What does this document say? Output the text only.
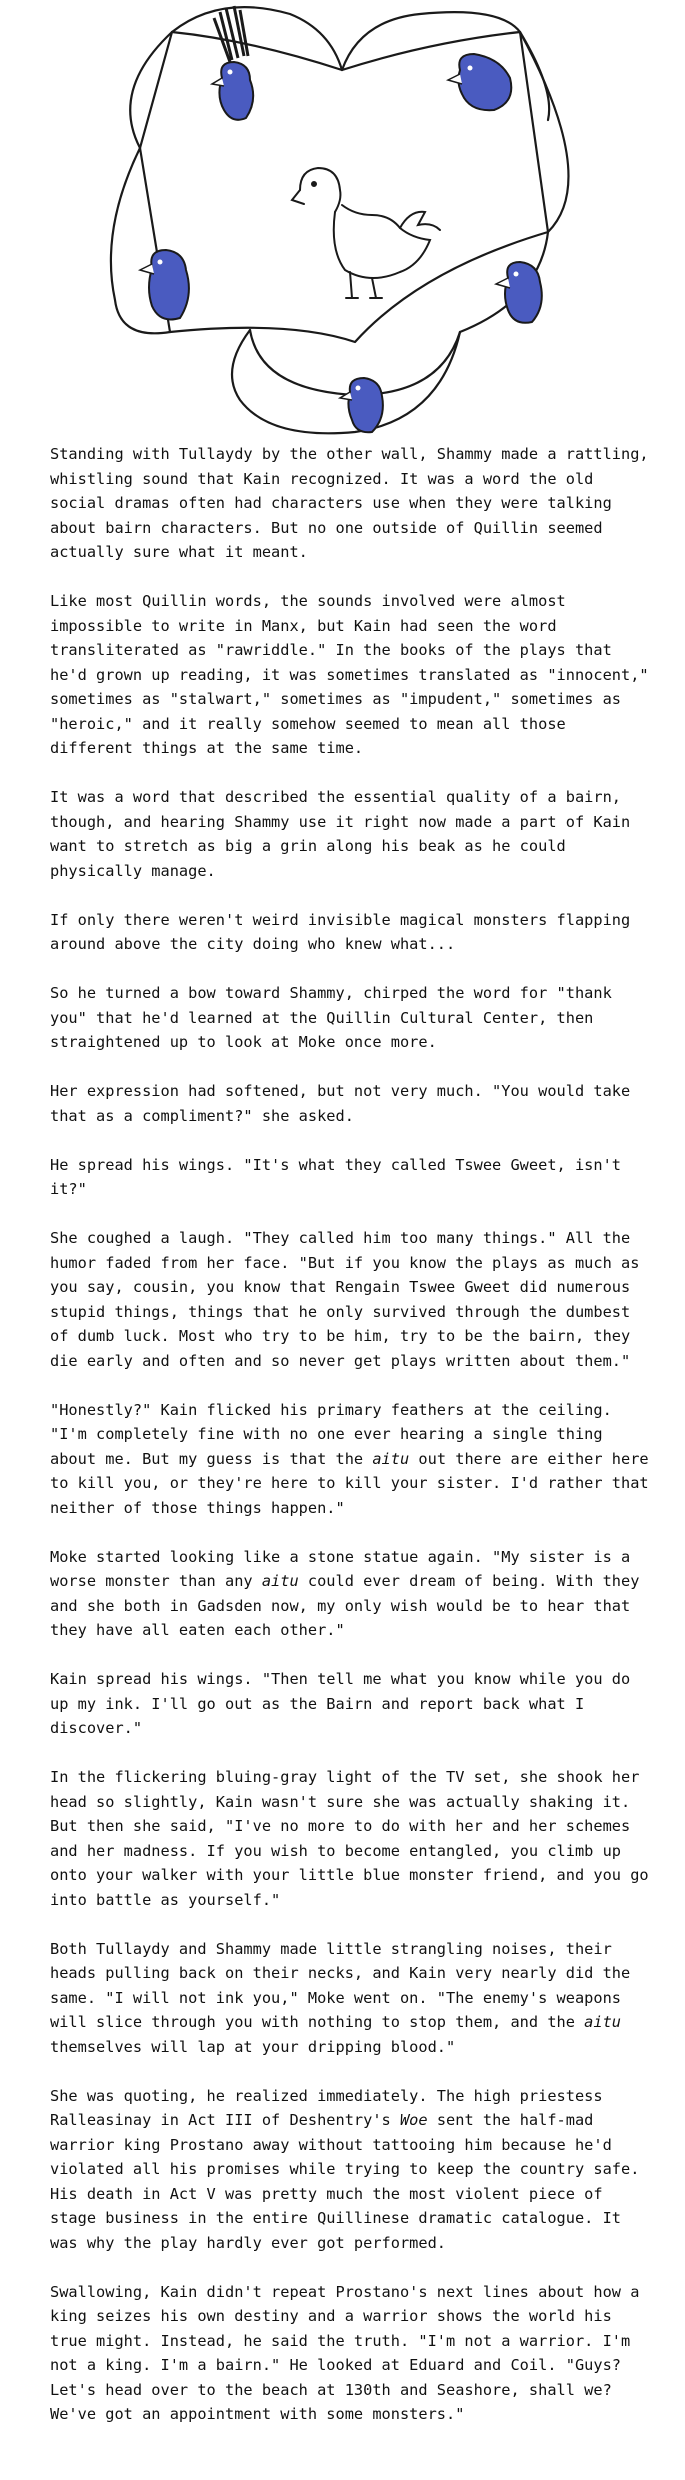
Standing with Tullaydy by the other wall, Shammy made a rattling, whistling sound that Kain recognized. It was a word the old social dramas often had characters use when they were talking about bairn characters. But no one outside of Quillin seemed actually sure what it meant.

Like most Quillin words, the sounds involved were almost impossible to write in Manx, but Kain had seen the word transliterated as "rawriddle." In the books of the plays that he'd grown up reading, it was sometimes translated as "innocent," sometimes as "stalwart," sometimes as "impudent," sometimes as "heroic," and it really somehow seemed to mean all those different things at the same time.

It was a word that described the essential quality of a bairn, though, and hearing Shammy use it right now made a part of Kain want to stretch as big a grin along his beak as he could physically manage.

If only there weren't weird invisible magical monsters flapping around above the city doing who knew what...

So he turned a bow toward Shammy, chirped the word for "thank you" that he'd learned at the Quillin Cultural Center, then straightened up to look at Moke once more.

Her expression had softened, but not very much. "You would take that as a compliment?" she asked.

He spread his wings. "It's what they called Tswee Gweet, isn't it?"

She coughed a laugh. "They called him too many things." All the humor faded from her face. "But if you know the plays as much as you say, cousin, you know that Rengain Tswee Gweet did numerous stupid things, things that he only survived through the dumbest of dumb luck. Most who try to be him, try to be the bairn, they die early and often and so never get plays written about them."

"Honestly?" Kain flicked his primary feathers at the ceiling. "I'm completely fine with no one ever hearing a single thing about me. But my guess is that the aitu out there are either here to kill you, or they're here to kill your sister. I'd rather that neither of those things happen."

Moke started looking like a stone statue again. "My sister is a worse monster than any aitu could ever dream of being. With they and she both in Gadsden now, my only wish would be to hear that they have all eaten each other."

Kain spread his wings. "Then tell me what you know while you do up my ink. I'll go out as the Bairn and report back what I discover."

In the flickering bluing-gray light of the TV set, she shook her head so slightly, Kain wasn't sure she was actually shaking it. But then she said, "I've no more to do with her and her schemes and her madness. If you wish to become entangled, you climb up onto your walker with your little blue monster friend, and you go into battle as yourself."

Both Tullaydy and Shammy made little strangling noises, their heads pulling back on their necks, and Kain very nearly did the same. "I will not ink you," Moke went on. "The enemy's weapons will slice through you with nothing to stop them, and the aitu themselves will lap at your dripping blood."

She was quoting, he realized immediately. The high priestess Ralleasinay in Act III of Deshentry's Woe sent the half-mad warrior king Prostano away without tattooing him because he'd violated all his promises while trying to keep the country safe. His death in Act V was pretty much the most violent piece of stage business in the entire Quillinese dramatic catalogue. It was why the play hardly ever got performed.

Swallowing, Kain didn't repeat Prostano's next lines about how a king seizes his own destiny and a warrior shows the world his true might. Instead, he said the truth. "I'm not a warrior. I'm not a king. I'm a bairn." He looked at Eduard and Coil. "Guys? Let's head over to the beach at 130th and Seashore, shall we? We've got an appointment with some monsters."
